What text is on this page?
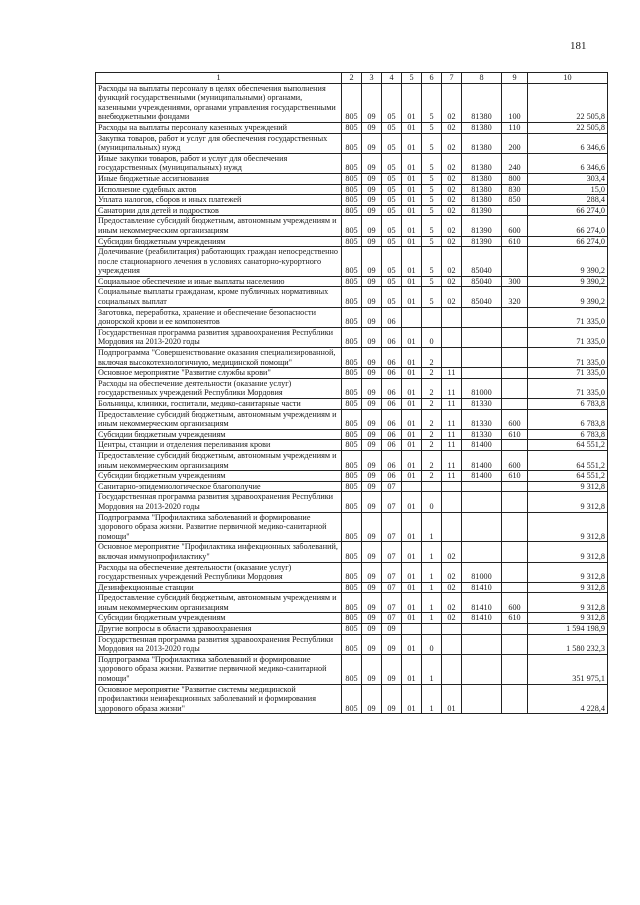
181
1	2	3	4	5	6	7	8	9	10
Расходы на выплаты персоналу в целях обеспечения выполнения функций государственными (муниципальными) органами, казенными учреждениями, органами управления государственными внебюджетными фондами	805	09	05	01	5	02	81380	100	22 505,8
Расходы на выплаты персоналу казенных учреждений	805	09	05	01	5	02	81380	110	22 505,8
Закупка товаров, работ и услуг для обеспечения государственных (муниципальных) нужд	805	09	05	01	5	02	81380	200	6 346,6
Иные закупки товаров, работ и услуг для обеспечения государственных (муниципальных) нужд	805	09	05	01	5	02	81380	240	6 346,6
Иные бюджетные ассигнования	805	09	05	01	5	02	81380	800	303,4
Исполнение судебных актов	805	09	05	01	5	02	81380	830	15,0
Уплата налогов, сборов и иных платежей	805	09	05	01	5	02	81380	850	288,4
Санатории для детей и подростков	805	09	05	01	5	02	81390		66 274,0
Предоставление субсидий бюджетным, автономным учреждениям и иным некоммерческим организациям	805	09	05	01	5	02	81390	600	66 274,0
Субсидии бюджетным учреждениям	805	09	05	01	5	02	81390	610	66 274,0
Долечивание (реабилитация) работающих граждан непосредственно после стационарного лечения в условиях санаторно-курортного учреждения	805	09	05	01	5	02	85040		9 390,2
Социальное обеспечение и иные выплаты населению	805	09	05	01	5	02	85040	300	9 390,2
Социальные выплаты гражданам, кроме публичных нормативных социальных выплат	805	09	05	01	5	02	85040	320	9 390,2
Заготовка, переработка, хранение и обеспечение безопасности донорской крови и ее компонентов	805	09	06						71 335,0
Государственная программа развития здравоохранения Республики Мордовия на 2013-2020 годы	805	09	06	01	0				71 335,0
Подпрограмма "Совершенствование оказания специализированной, включая высокотехнологичную, медицинской помощи"	805	09	06	01	2				71 335,0
Основное мероприятие "Развитие службы крови"	805	09	06	01	2	11			71 335,0
Расходы на обеспечение деятельности (оказание услуг) государственных учреждений Республики Мордовия	805	09	06	01	2	11	81000		71 335,0
Больницы, клиники, госпитали, медико-санитарные части	805	09	06	01	2	11	81330		6 783,8
Предоставление субсидий бюджетным, автономным учреждениям и иным некоммерческим организациям	805	09	06	01	2	11	81330	600	6 783,8
Субсидии бюджетным учреждениям	805	09	06	01	2	11	81330	610	6 783,8
Центры, станции и отделения переливания крови	805	09	06	01	2	11	81400		64 551,2
Предоставление субсидий бюджетным, автономным учреждениям и иным некоммерческим организациям	805	09	06	01	2	11	81400	600	64 551,2
Субсидии бюджетным учреждениям	805	09	06	01	2	11	81400	610	64 551,2
Санитарно-эпидемиологическое благополучие	805	09	07						9 312,8
Государственная программа развития здравоохранения Республики Мордовия на 2013-2020 годы	805	09	07	01	0				9 312,8
Подпрограмма "Профилактика заболеваний и формирование здорового образа жизни. Развитие первичной медико-санитарной помощи"	805	09	07	01	1				9 312,8
Основное мероприятие "Профилактика инфекционных заболеваний, включая иммунопрофилактику"	805	09	07	01	1	02			9 312,8
Расходы на обеспечение деятельности (оказание услуг) государственных учреждений Республики Мордовия	805	09	07	01	1	02	81000		9 312,8
Дезинфекционные станции	805	09	07	01	1	02	81410		9 312,8
Предоставление субсидий бюджетным, автономным учреждениям и иным некоммерческим организациям	805	09	07	01	1	02	81410	600	9 312,8
Субсидии бюджетным учреждениям	805	09	07	01	1	02	81410	610	9 312,8
Другие вопросы в области здравоохранения	805	09	09						1 594 198,9
Государственная программа развития здравоохранения Республики Мордовия на 2013-2020 годы	805	09	09	01	0				1 580 232,3
Подпрограмма "Профилактика заболеваний и формирование здорового образа жизни. Развитие первичной медико-санитарной помощи"	805	09	09	01	1				351 975,1
Основное мероприятие "Развитие системы медицинской профилактики неинфекционных заболеваний и формирования здорового образа жизни"	805	09	09	01	1	01			4 228,4
